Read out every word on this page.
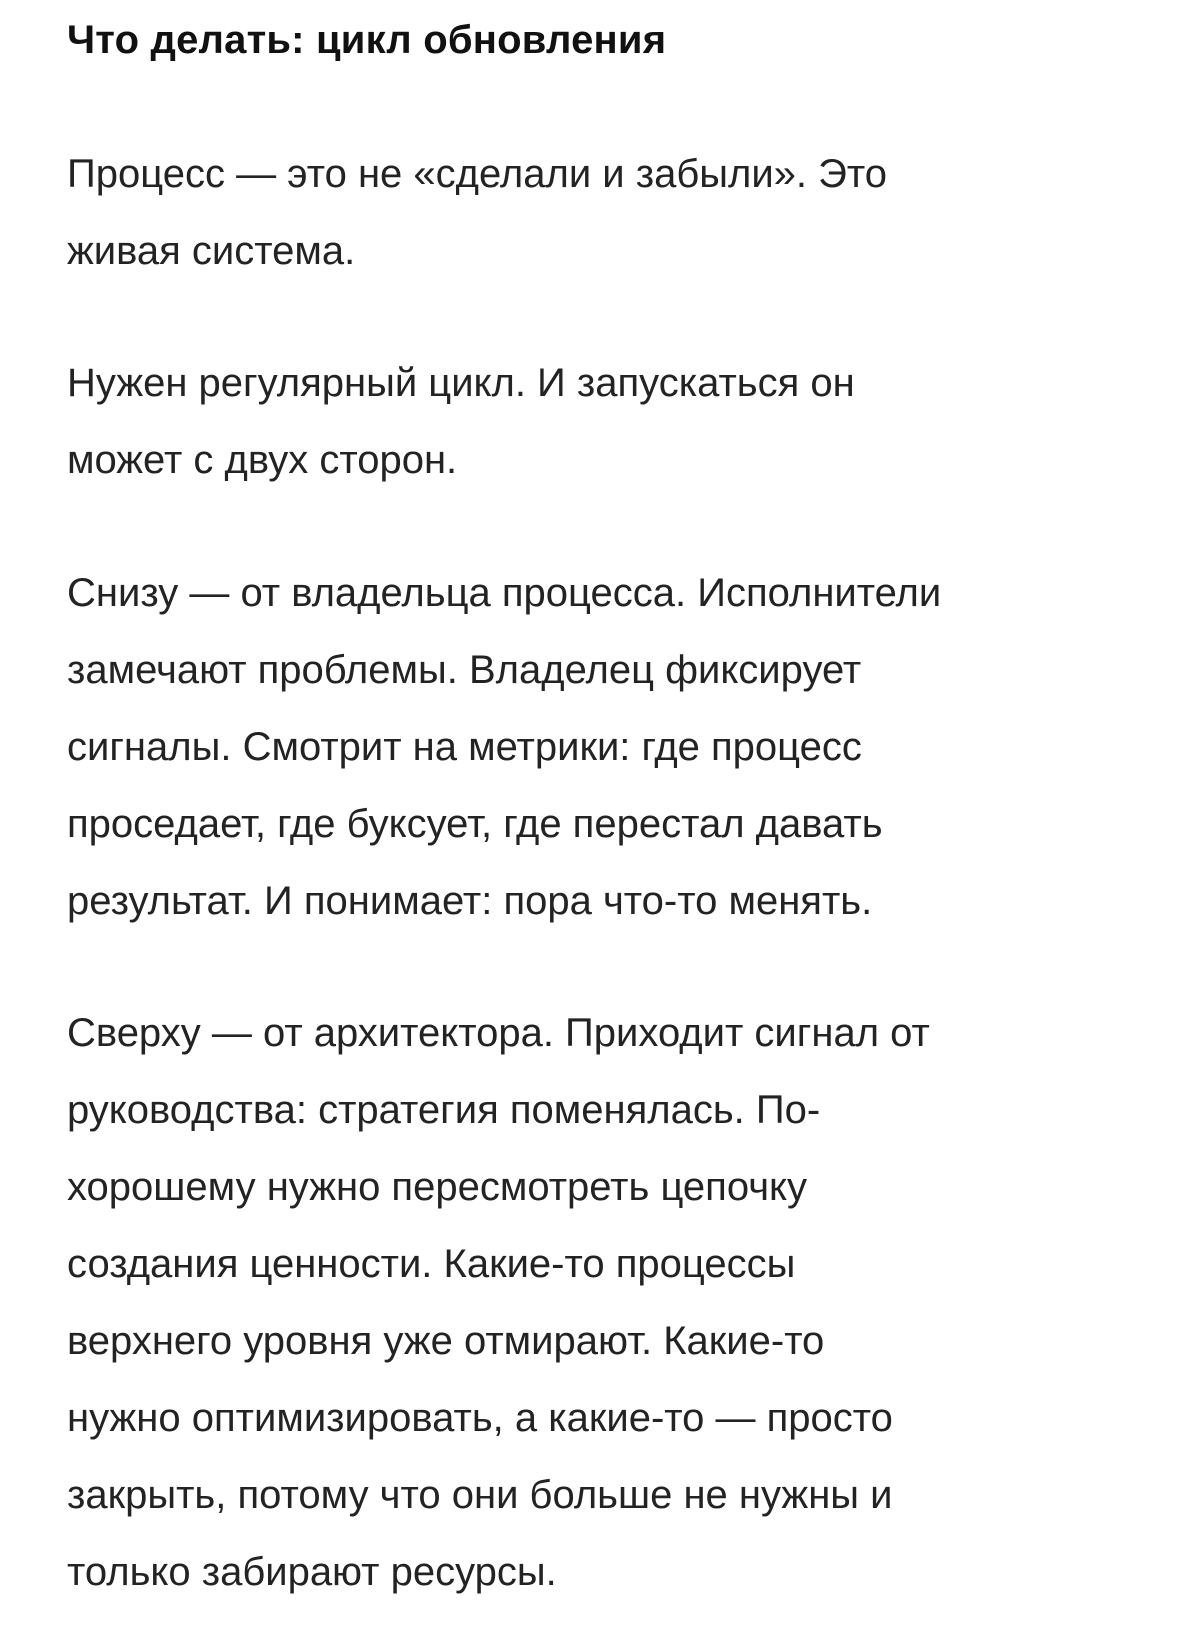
Что делать: цикл обновления

Процесс — это не «сделали и забыли». Это
живая система.

Нужен регулярный цикл. И запускаться он
может с двух сторон.

Снизу — от владельца процесса. Исполнители
замечают проблемы. Владелец фиксирует
сигналы. Смотрит на метрики: где процесс
проседает, где буксует, где перестал давать
результат. И понимает: пора что-то менять.

Сверху — от архитектора. Приходит сигнал от
руководства: стратегия поменялась. По-
хорошему нужно пересмотреть цепочку
создания ценности. Какие-то процессы
верхнего уровня уже отмирают. Какие-то
нужно оптимизировать, а какие-то — просто
закрыть, потому что они больше не нужны и
только забирают ресурсы.
